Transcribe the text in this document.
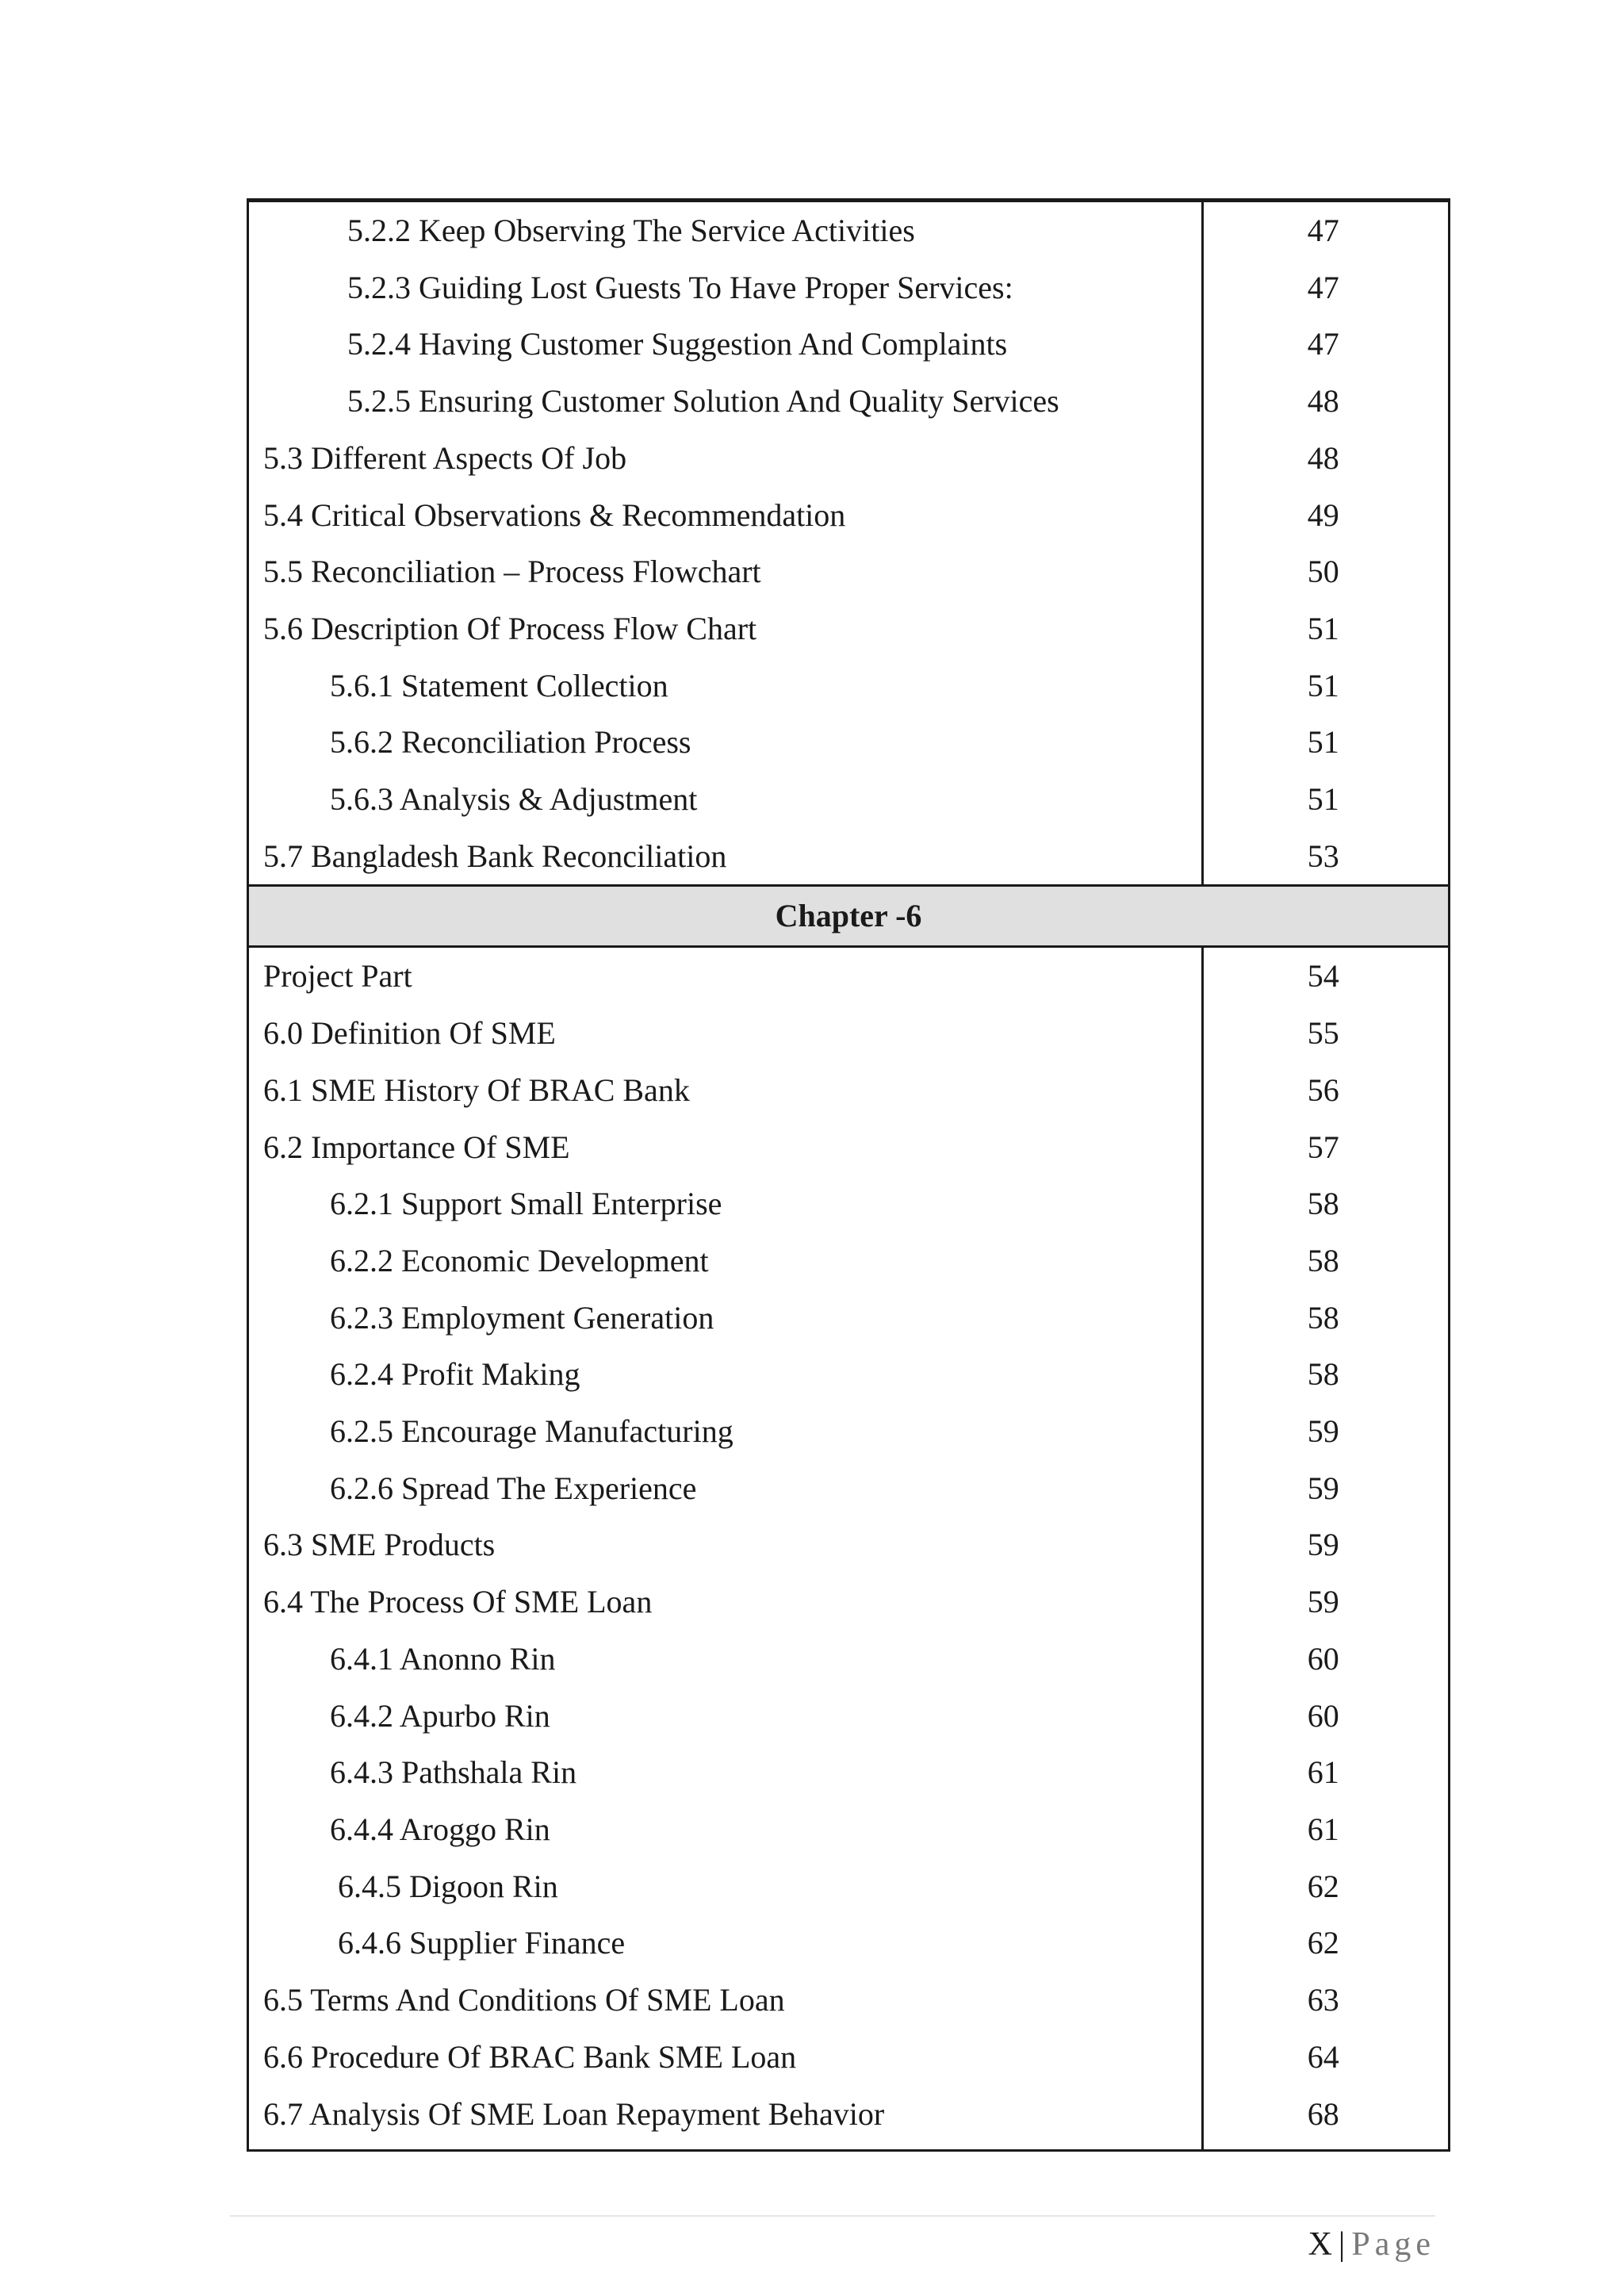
5.2.2 Keep Observing The Service Activities	47
5.2.3 Guiding Lost Guests To Have Proper Services:	47
5.2.4 Having Customer Suggestion And Complaints	47
5.2.5 Ensuring Customer Solution And Quality Services	48
5.3 Different Aspects Of Job	48
5.4 Critical Observations & Recommendation	49
5.5 Reconciliation – Process Flowchart	50
5.6 Description Of Process Flow Chart	51
5.6.1 Statement Collection	51
5.6.2 Reconciliation Process	51
5.6.3 Analysis & Adjustment	51
5.7 Bangladesh Bank Reconciliation	53
Chapter -6	
Project Part	54
6.0 Definition Of SME	55
6.1 SME History Of BRAC Bank	56
6.2 Importance Of SME	57
6.2.1 Support Small Enterprise	58
6.2.2 Economic Development	58
6.2.3 Employment Generation	58
6.2.4 Profit Making	58
6.2.5 Encourage Manufacturing	59
6.2.6 Spread The Experience	59
6.3 SME Products	59
6.4 The Process Of SME Loan	59
6.4.1 Anonno Rin	60
6.4.2 Apurbo Rin	60
6.4.3 Pathshala Rin	61
6.4.4 Aroggo Rin	61
6.4.5 Digoon Rin	62
6.4.6 Supplier Finance	62
6.5 Terms And Conditions Of SME Loan	63
6.6 Procedure Of BRAC Bank SME Loan	64
6.7 Analysis Of SME Loan Repayment Behavior	68
X | Page
